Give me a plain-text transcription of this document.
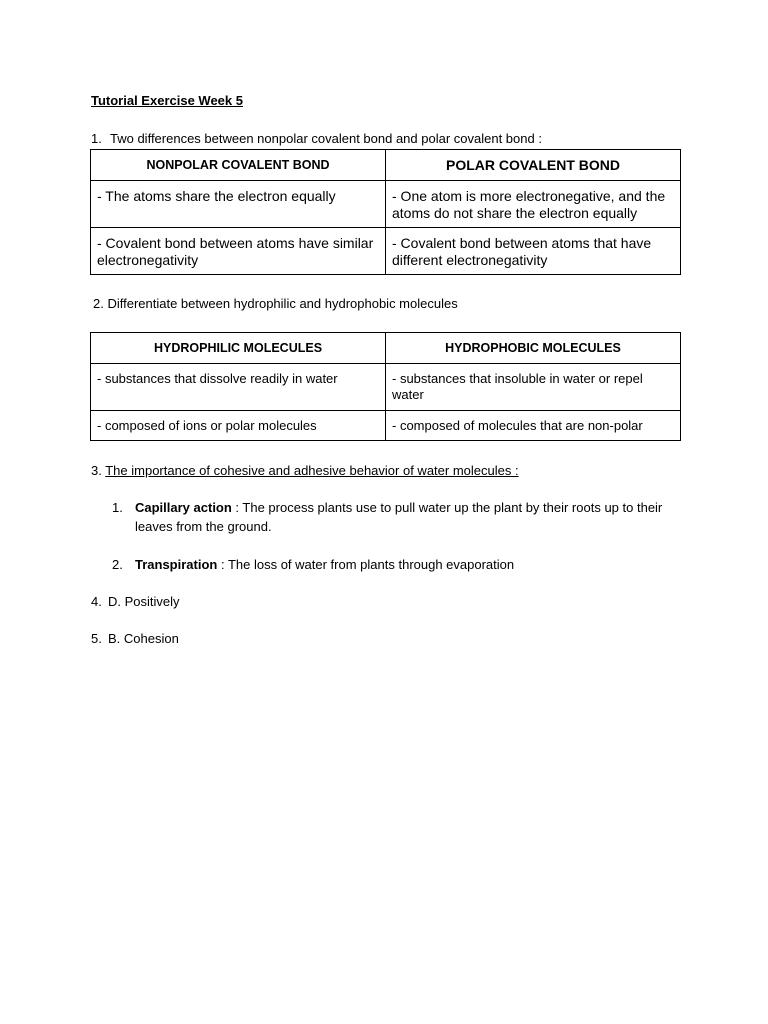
Tutorial Exercise Week 5
1. Two differences between nonpolar covalent bond and polar covalent bond :
NONPOLAR COVALENT BOND	POLAR COVALENT BOND

- The atoms share the electron equally	- One atom is more electronegative, and the atoms do not share the electron equally

- Covalent bond between atoms have similar electronegativity	- Covalent bond between atoms that have different electronegativity
2. Differentiate between hydrophilic and hydrophobic molecules
HYDROPHILIC MOLECULES	HYDROPHOBIC MOLECULES

- substances that dissolve readily in water	- substances that insoluble in water or repel water

- composed of ions or polar molecules	- composed of molecules that are non-polar
3. The importance of cohesive and adhesive behavior of water molecules :
1. Capillary action : The process plants use to pull water up the plant by their roots up to their leaves from the ground.
2. Transpiration : The loss of water from plants through evaporation
4. D. Positively
5. B. Cohesion
